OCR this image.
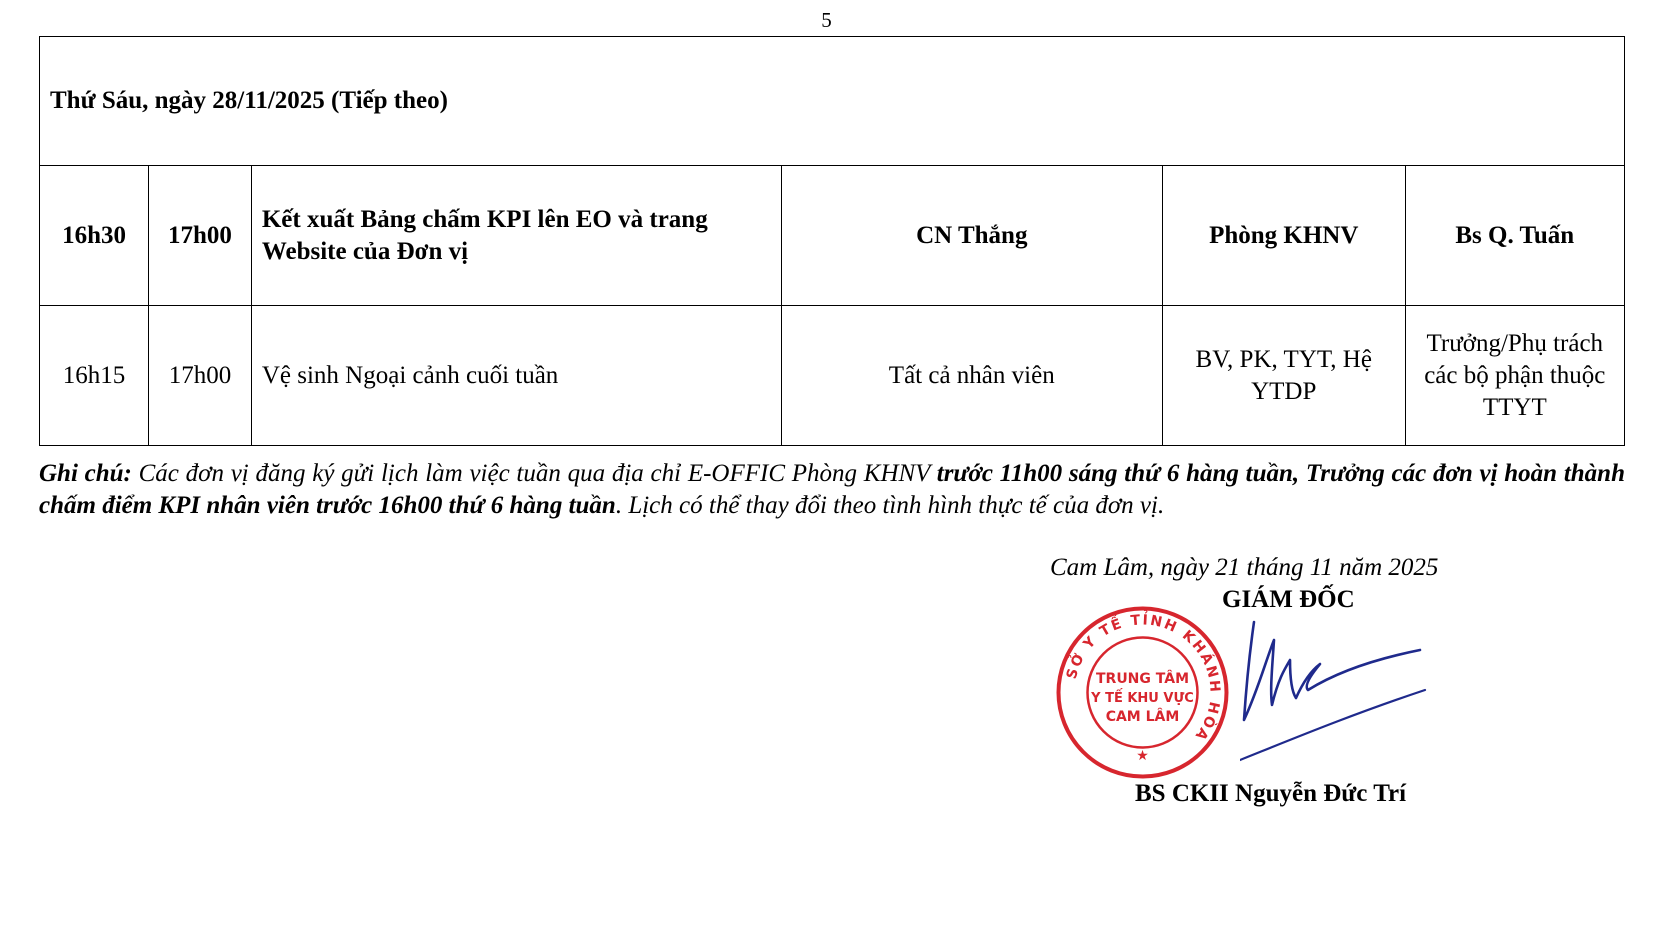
5
Thứ Sáu, ngày 28/11/2025 (Tiếp theo)					
16h30	17h00	Kết xuất Bảng chấm KPI lên EO và trang Website của Đơn vị	CN Thắng	Phòng KHNV	Bs Q. Tuấn
16h15	17h00	Vệ sinh Ngoại cảnh cuối tuần	Tất cả nhân viên	BV, PK, TYT, Hệ YTDP	Trưởng/Phụ trách các bộ phận thuộc TTYT
Ghi chú: Các đơn vị đăng ký gửi lịch làm việc tuần qua địa chỉ E-OFFIC Phòng KHNV trước 11h00 sáng thứ 6 hàng tuần, Trưởng các đơn vị hoàn thành chấm điểm KPI nhân viên trước 16h00 thứ 6 hàng tuần. Lịch có thể thay đổi theo tình hình thực tế của đơn vị.
Cam Lâm, ngày 21 tháng 11 năm 2025
GIÁM ĐỐC
SỞ Y TẾ TỈNH KHÁNH HÒA
TRUNG TÂM
Y TẾ KHU VỰC
CAM LÂM
★
BS CKII Nguyễn Đức Trí
